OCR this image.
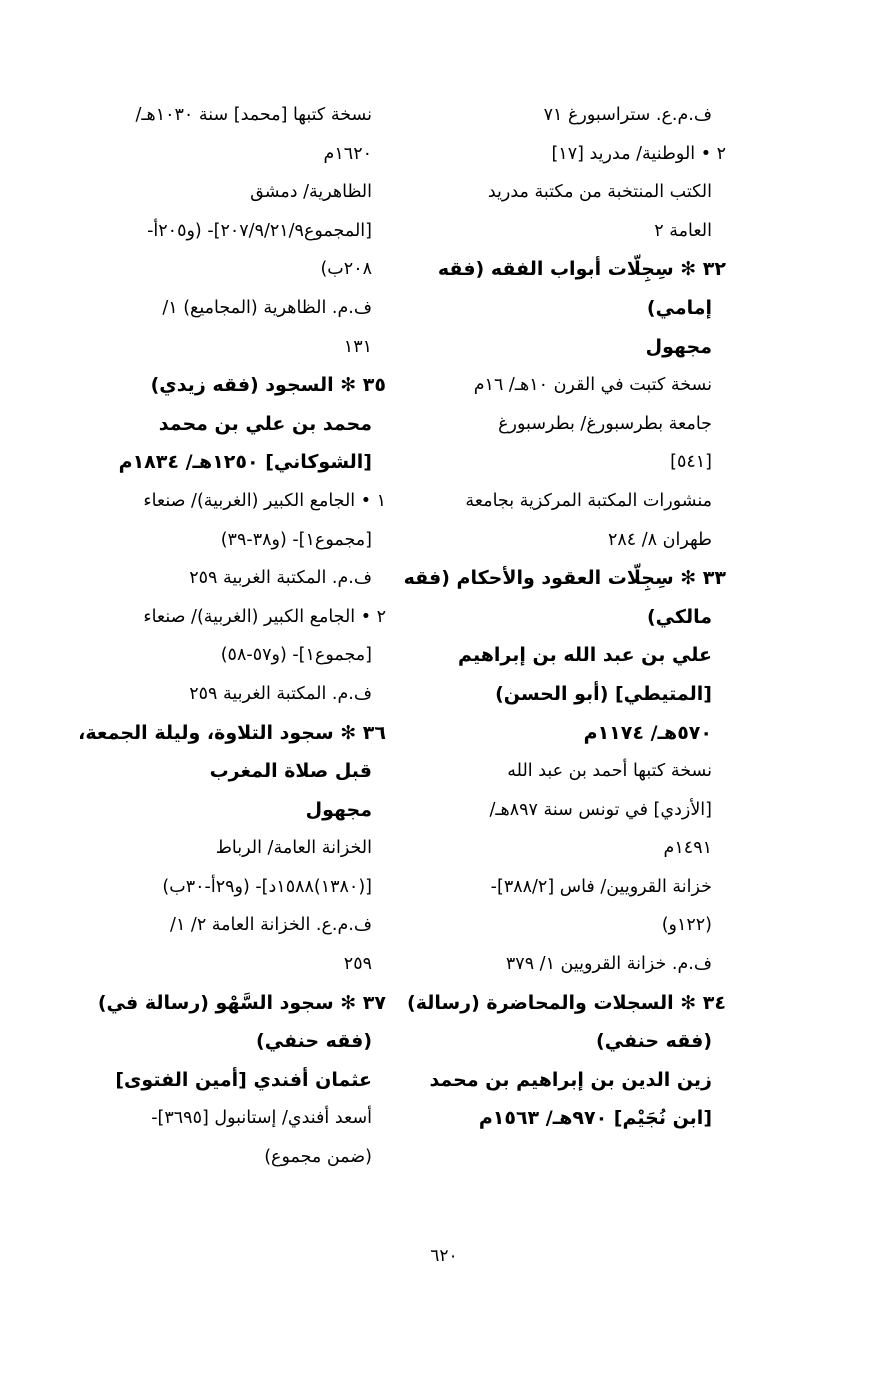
ف.م.ع. ستراسبورغ ٧١
٢ • الوطنية/ مدريد [١٧]
الكتب المنتخبة من مكتبة مدريد
العامة ٢
٣٢ ✻ سِجِلّات أبواب الفقه (فقه
إمامي)
مجهول
نسخة كتبت في القرن ١٠هـ/ ١٦م
جامعة بطرسبورغ/ بطرسبورغ
[٥٤١]
منشورات المكتبة المركزية بجامعة
طهران ٨/ ٢٨٤
٣٣ ✻ سِجِلّات العقود والأحكام (فقه
مالكي)
علي بن عبد الله بن إبراهيم
[المتيطي] (أبو الحسن)
٥٧٠هـ/ ١١٧٤م
نسخة كتبها أحمد بن عبد الله
[الأزدي] في تونس سنة ٨٩٧هـ/
١٤٩١م
خزانة القرويين/ فاس [٣٨٨/٢]-
(١٢٢و)
ف.م. خزانة القرويين ١/ ٣٧٩
٣٤ ✻ السجلات والمحاضرة (رسالة)
(فقه حنفي)
زين الدين بن إبراهيم بن محمد
[ابن نُجَيْم] ٩٧٠هـ/ ١٥٦٣م
نسخة كتبها [محمد] سنة ١٠٣٠هـ/
١٦٢٠م
الظاهرية/ دمشق
[المجموع٢٠٧/٩/٢١/٩]- (و٢٠٥أ-
٢٠٨ب)
ف.م. الظاهرية (المجاميع) ١/
١٣١
٣٥ ✻ السجود (فقه زيدي)
محمد بن علي بن محمد
[الشوكاني] ١٢٥٠هـ/ ١٨٣٤م
١ • الجامع الكبير (الغربية)/ صنعاء
[مجموع١]- (و٣٨-٣٩)
ف.م. المكتبة الغربية ٢٥٩
٢ • الجامع الكبير (الغربية)/ صنعاء
[مجموع١]- (و٥٧-٥٨)
ف.م. المكتبة الغربية ٢٥٩
٣٦ ✻ سجود التلاوة، وليلة الجمعة،
قبل صلاة المغرب
مجهول
الخزانة العامة/ الرباط
[(١٣٨٠)١٥٨٨د]- (و٢٩أ-٣٠ب)
ف.م.ع. الخزانة العامة ٢/ ١/
٢٥٩
٣٧ ✻ سجود السَّهْو (رسالة في)
(فقه حنفي)
عثمان أفندي [أمين الفتوى]
أسعد أفندي/ إستانبول [٣٦٩٥]-
(ضمن مجموع)
٦٢٠
